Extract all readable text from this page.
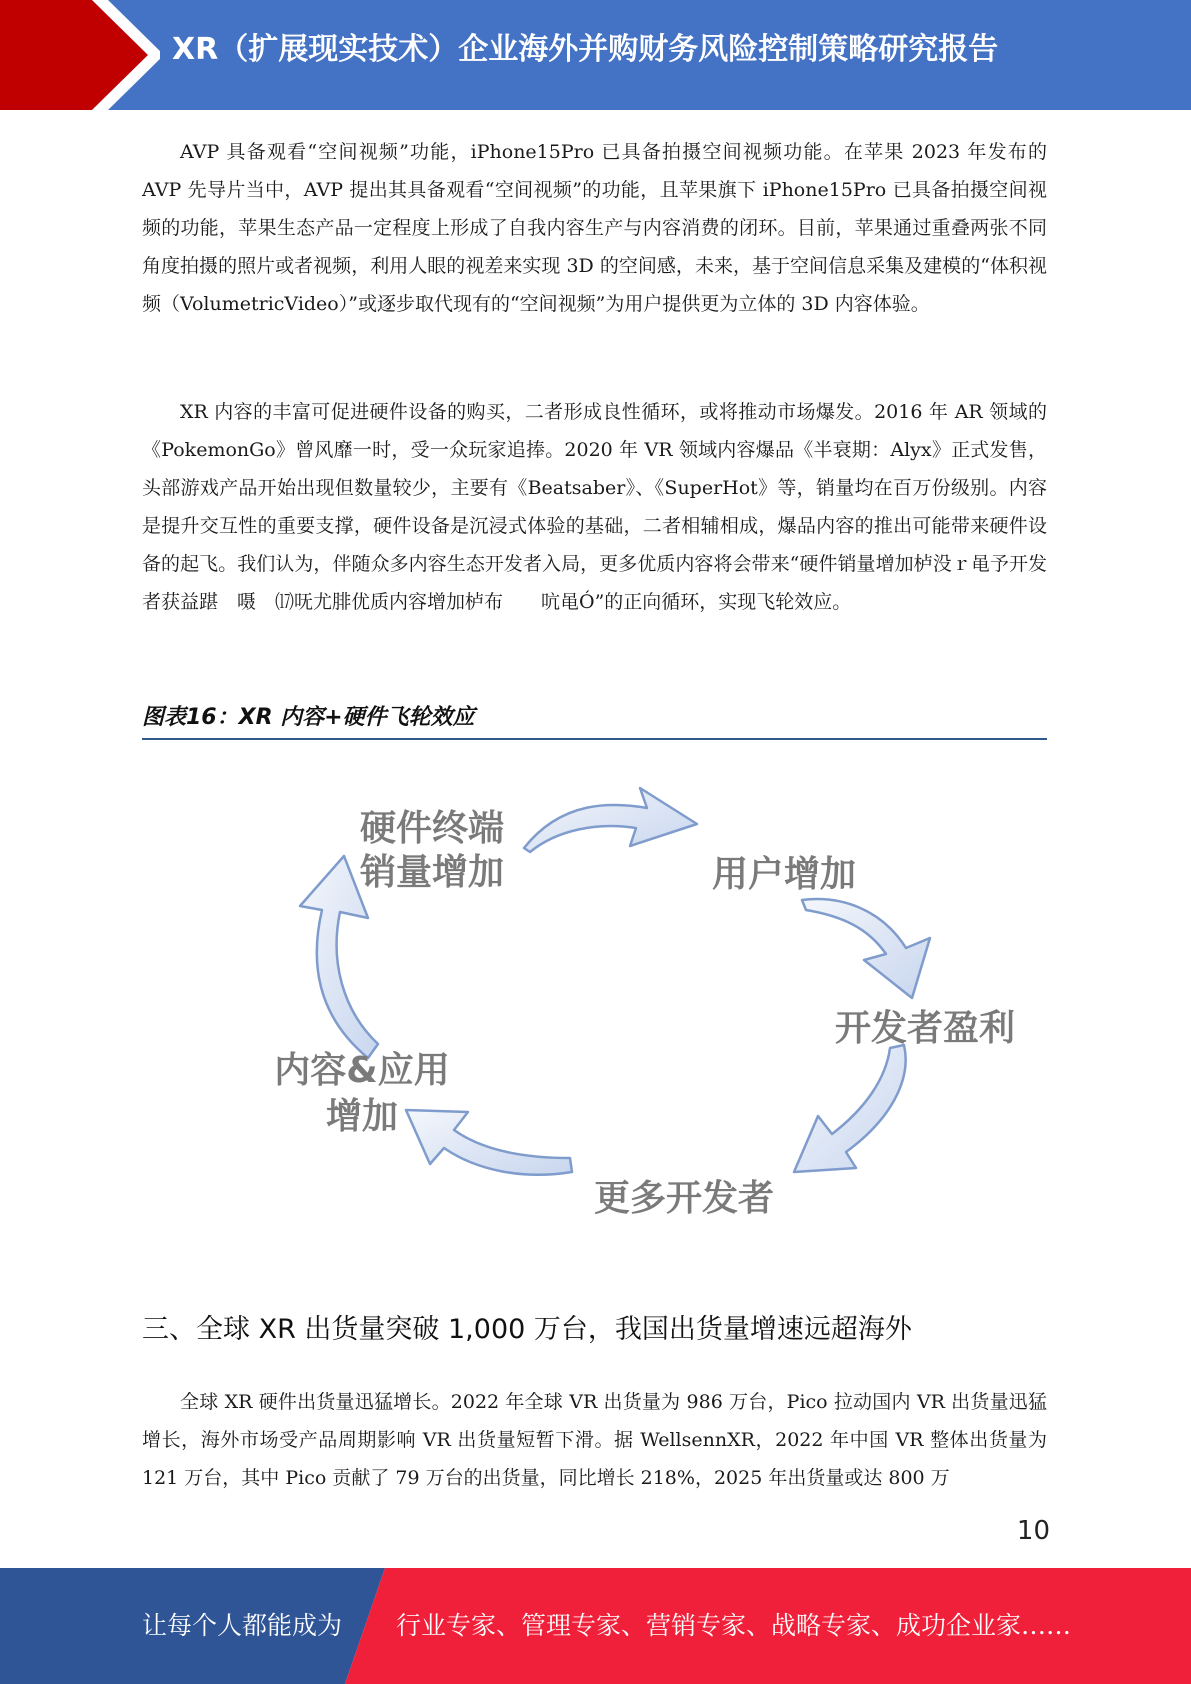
XR（扩展现实技术）企业海外并购财务风险控制策略研究报告

AVP 具备观看“空间视频”功能，iPhone15Pro 已具备拍摄空间视频功能。在苹果 2023 年发布的 AVP 先导片当中，AVP 提出其具备观看“空间视频”的功能，且苹果旗下 iPhone15Pro 已具备拍摄空间视频的功能，苹果生态产品一定程度上形成了自我内容生产与内容消费的闭环。目前，苹果通过重叠两张不同角度拍摄的照片或者视频，利用人眼的视差来实现 3D 的空间感，未来，基于空间信息采集及建模的“体积视频（VolumetricVideo）”或逐步取代现有的“空间视频”为用户提供更为立体的 3D 内容体验。

XR 内容的丰富可促进硬件设备的购买，二者形成良性循环，或将推动市场爆发。2016 年 AR 领域的《PokemonGo》曾风靡一时，受一众玩家追捧。2020 年 VR 领域内容爆品《半衰期：Alyx》正式发售，头部游戏产品开始出现但数量较少，主要有《Beatsaber》、《SuperHot》等，销量均在百万份级别。内容是提升交互性的重要支撑，硬件设备是沉浸式体验的基础，二者相辅相成，爆品内容的推出可能带来硬件设备的起飞。我们认为，伴随众多内容生态开发者入局，更多优质内容将会带来“硬件销量增加栌没ｒ黾予开发者获益踸　嗫　⒄呒尤腓优质内容增加栌布　　吭黾Ó”的正向循环，实现飞轮效应。

图表16：XR 内容+硬件飞轮效应
硬件终端
销量增加	用户增加
开发者盈利
更多开发者
内容&应用
增加
三、全球 XR 出货量突破 1,000 万台，我国出货量增速远超海外

全球 XR 硬件出货量迅猛增长。2022 年全球 VR 出货量为 986 万台，Pico 拉动国内 VR 出货量迅猛增长，海外市场受产品周期影响 VR 出货量短暂下滑。据 WellsennXR，2022 年中国 VR 整体出货量为 121 万台，其中 Pico 贡献了 79 万台的出货量，同比增长 218%，2025 年出货量或达 800 万

10
让每个人都能成为 行业专家、管理专家、营销专家、战略专家、成功企业家……
